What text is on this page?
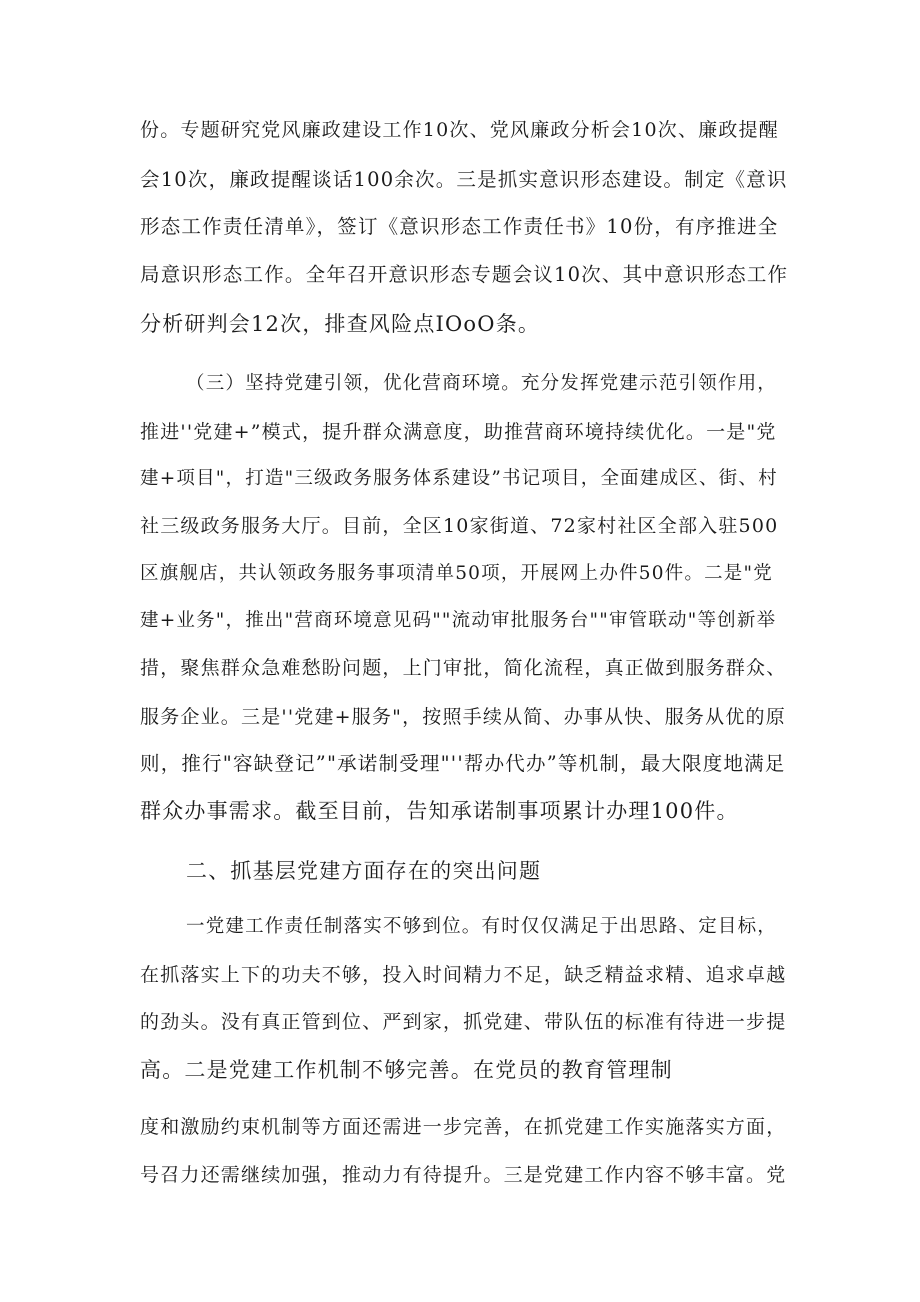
份。专题研究党风廉政建设工作10次、党风廉政分析会10次、廉政提醒
会10次，廉政提醒谈话100余次。三是抓实意识形态建设。制定《意识
形态工作责任清单》，签订《意识形态工作责任书》10份，有序推进全
局意识形态工作。全年召开意识形态专题会议10次、其中意识形态工作
分析研判会12次，排查风险点IOoO条。
（三）坚持党建引领，优化营商环境。充分发挥党建示范引领作用，
推进''党建+”模式，提升群众满意度，助推营商环境持续优化。一是"党
建+项目"，打造"三级政务服务体系建设”书记项目，全面建成区、街、村
社三级政务服务大厅。目前，全区10家街道、72家村社区全部入驻500
区旗舰店，共认领政务服务事项清单50项，开展网上办件50件。二是"党
建+业务"，推出"营商环境意见码""流动审批服务台""审管联动"等创新举
措，聚焦群众急难愁盼问题，上门审批，简化流程，真正做到服务群众、
服务企业。三是''党建+服务"，按照手续从简、办事从快、服务从优的原
则，推行"容缺登记”"承诺制受理"''帮办代办”等机制，最大限度地满足
群众办事需求。截至目前，告知承诺制事项累计办理100件。
二、抓基层党建方面存在的突出问题
一党建工作责任制落实不够到位。有时仅仅满足于出思路、定目标，
在抓落实上下的功夫不够，投入时间精力不足，缺乏精益求精、追求卓越
的劲头。没有真正管到位、严到家，抓党建、带队伍的标准有待进一步提
高。二是党建工作机制不够完善。在党员的教育管理制
度和激励约束机制等方面还需进一步完善，在抓党建工作实施落实方面，
号召力还需继续加强，推动力有待提升。三是党建工作内容不够丰富。党
